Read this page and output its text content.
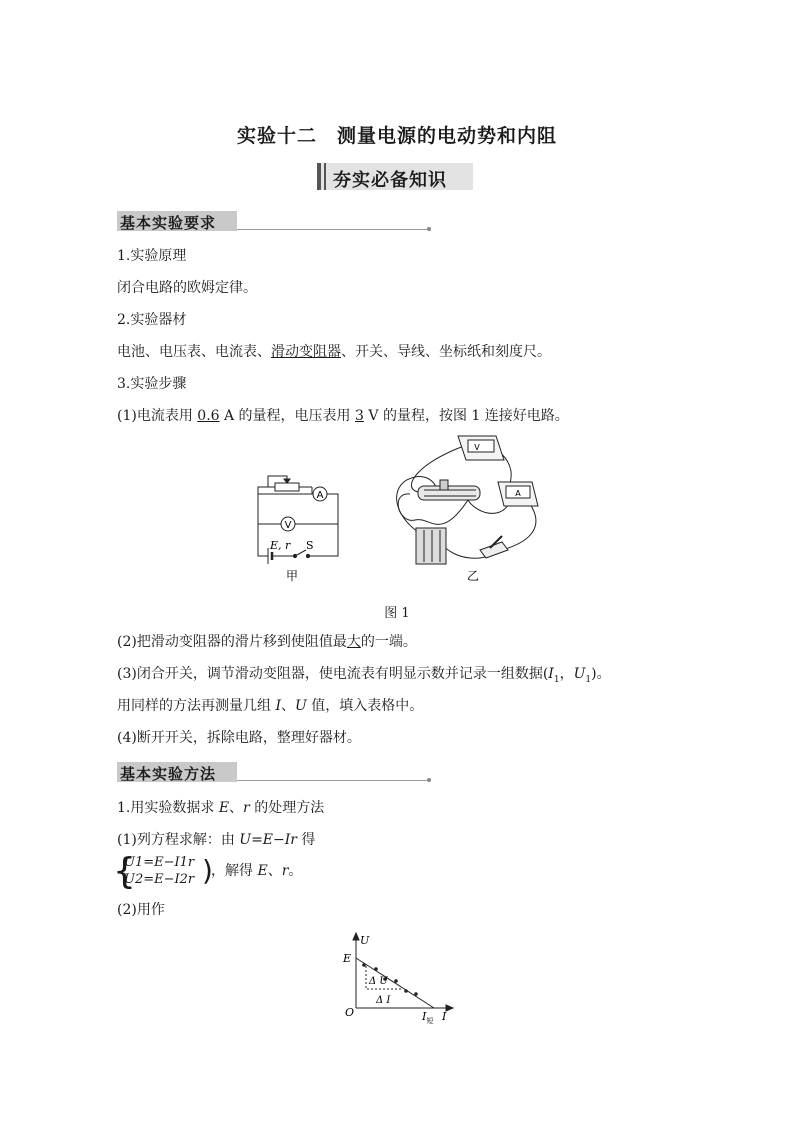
实验十二　测量电源的电动势和内阻
夯实必备知识
基本实验要求
1.实验原理
闭合电路的欧姆定律。
2.实验器材
电池、电压表、电流表、滑动变阻器、开关、导线、坐标纸和刻度尺。
3.实验步骤
(1)电流表用 0.6 A 的量程，电压表用 3 V 的量程，按图 1 连接好电路。
A
V
E, r S
甲
V
A
乙
图 1
(2)把滑动变阻器的滑片移到使阻值最大的一端。
(3)闭合开关，调节滑动变阻器，使电流表有明显示数并记录一组数据($I_1$，$U_1$)。
用同样的方法再测量几组 I、U 值，填入表格中。
(4)断开开关，拆除电路，整理好器材。
基本实验方法
1.用实验数据求 E、r 的处理方法
(1)列方程求解：由 U=E−Ir 得
{
U1=E−I1r
U2=E−I2r )
，解得 E、r。
(2)用作
U
E
Δ U
Δ I
O	$I_短$ I
